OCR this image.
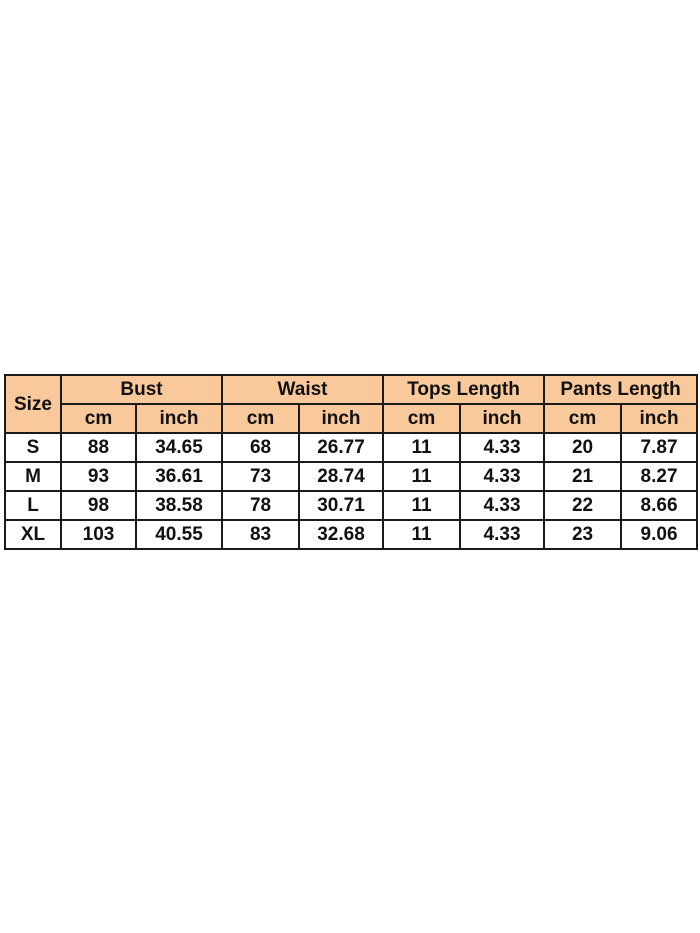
Size	Bust		Waist		Tops Length		Pants Length	
	cm	inch	cm	inch	cm	inch	cm	inch
S	88	34.65	68	26.77	11	4.33	20	7.87
M	93	36.61	73	28.74	11	4.33	21	8.27
L	98	38.58	78	30.71	11	4.33	22	8.66
XL	103	40.55	83	32.68	11	4.33	23	9.06
